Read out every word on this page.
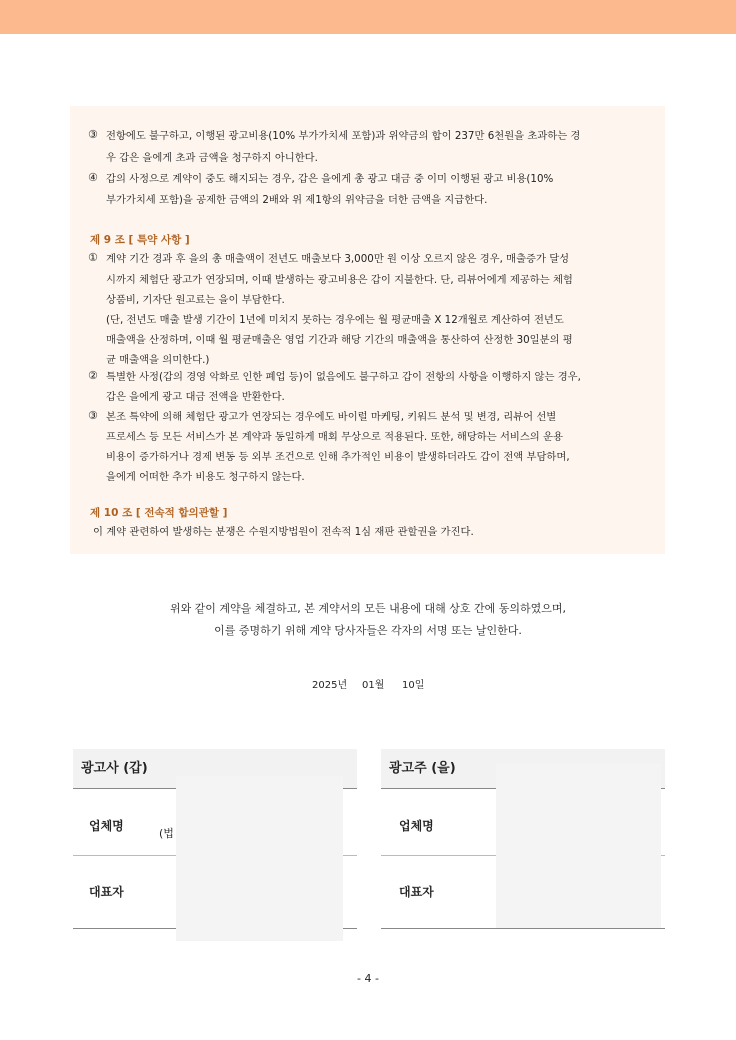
③ 전항에도 불구하고, 이행된 광고비용(10% 부가가치세 포함)과 위약금의 합이 237만 6천원을 초과하는 경
우 갑은 을에게 초과 금액을 청구하지 아니한다.
④ 갑의 사정으로 계약이 중도 해지되는 경우, 갑은 을에게 총 광고 대금 중 이미 이행된 광고 비용(10%
부가가치세 포함)을 공제한 금액의 2배와 위 제1항의 위약금을 더한 금액을 지급한다.
제 9 조 [ 특약 사항 ]
① 계약 기간 경과 후 을의 총 매출액이 전년도 매출보다 3,000만 원 이상 오르지 않은 경우, 매출증가 달성
시까지 체험단 광고가 연장되며, 이때 발생하는 광고비용은 갑이 지불한다. 단, 리뷰어에게 제공하는 체험
상품비, 기자단 원고료는 을이 부담한다.
(단, 전년도 매출 발생 기간이 1년에 미치지 못하는 경우에는 월 평균매출 X 12개월로 계산하여 전년도
매출액을 산정하며, 이때 월 평균매출은 영업 기간과 해당 기간의 매출액을 통산하여 산정한 30일분의 평
균 매출액을 의미한다.)
② 특별한 사정(갑의 경영 악화로 인한 폐업 등)이 없음에도 불구하고 갑이 전항의 사항을 이행하지 않는 경우,
갑은 을에게 광고 대금 전액을 반환한다.
③ 본조 특약에 의해 체험단 광고가 연장되는 경우에도 바이럴 마케팅, 키워드 분석 및 변경, 리뷰어 선별
프로세스 등 모든 서비스가 본 계약과 동일하게 매회 무상으로 적용된다. 또한, 해당하는 서비스의 운용
비용이 증가하거나 경제 변동 등 외부 조건으로 인해 추가적인 비용이 발생하더라도 갑이 전액 부담하며,
을에게 어떠한 추가 비용도 청구하지 않는다.
제 10 조 [ 전속적 합의관할 ]
이 계약 관련하여 발생하는 분쟁은 수원지방법원이 전속적 1심 재판 관할권을 가진다.
위와 같이 계약을 체결하고, 본 계약서의 모든 내용에 대해 상호 간에 동의하였으며,
이를 증명하기 위해 계약 당사자들은 각자의 서명 또는 날인한다.
2025년 01월 10일
광고사 (갑)
업체명
(법
대표자
광고주 (을)
업체명
대표자
- 4 -
